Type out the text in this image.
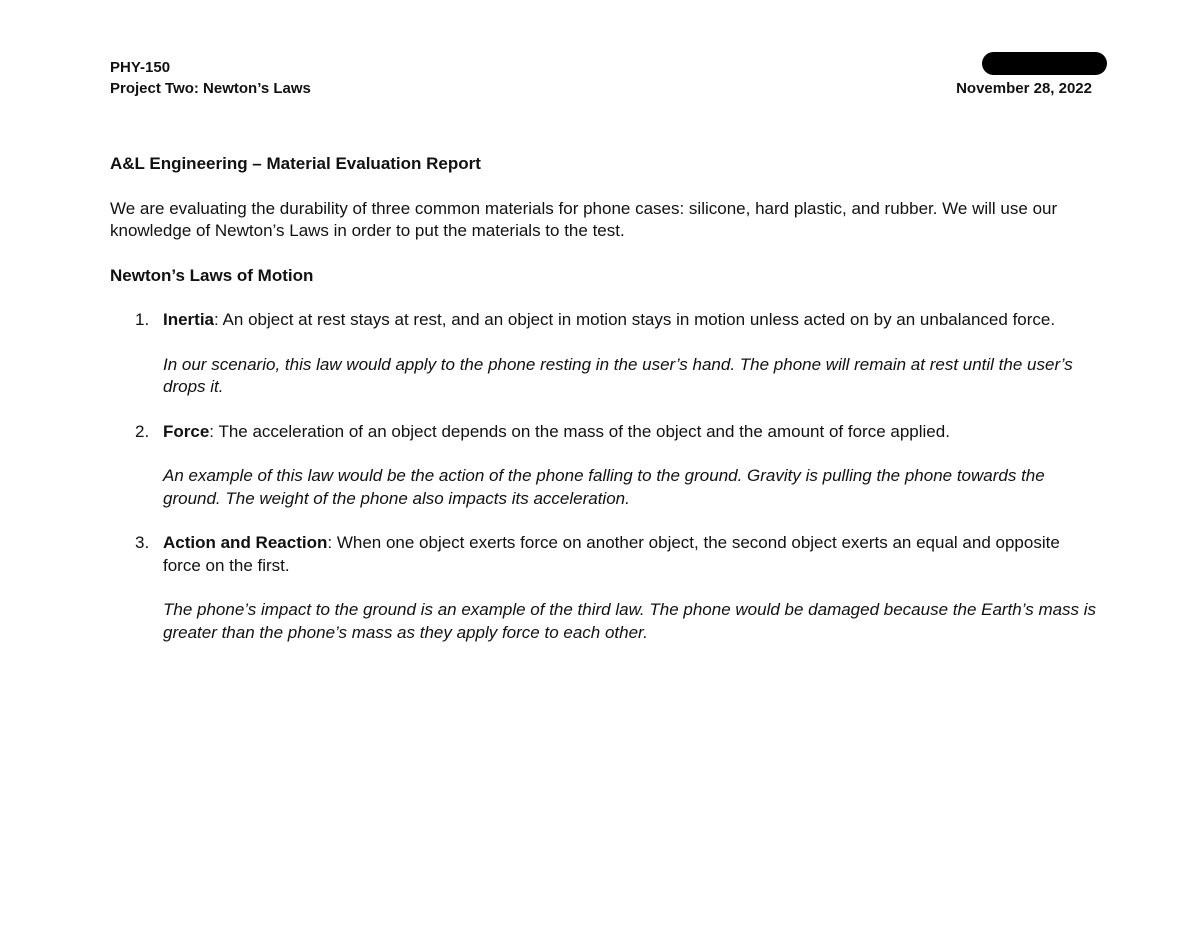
PHY-150
Project Two: Newton’s Laws	November 28, 2022
A&L Engineering – Material Evaluation Report
We are evaluating the durability of three common materials for phone cases: silicone, hard plastic, and rubber. We will use our knowledge of Newton’s Laws in order to put the materials to the test.
Newton’s Laws of Motion
1. Inertia: An object at rest stays at rest, and an object in motion stays in motion unless acted on by an unbalanced force.

In our scenario, this law would apply to the phone resting in the user’s hand. The phone will remain at rest until the user’s drops it.

2. Force: The acceleration of an object depends on the mass of the object and the amount of force applied.

An example of this law would be the action of the phone falling to the ground. Gravity is pulling the phone towards the ground. The weight of the phone also impacts its acceleration.

3. Action and Reaction: When one object exerts force on another object, the second object exerts an equal and opposite force on the first.

The phone’s impact to the ground is an example of the third law. The phone would be damaged because the Earth’s mass is greater than the phone’s mass as they apply force to each other.
